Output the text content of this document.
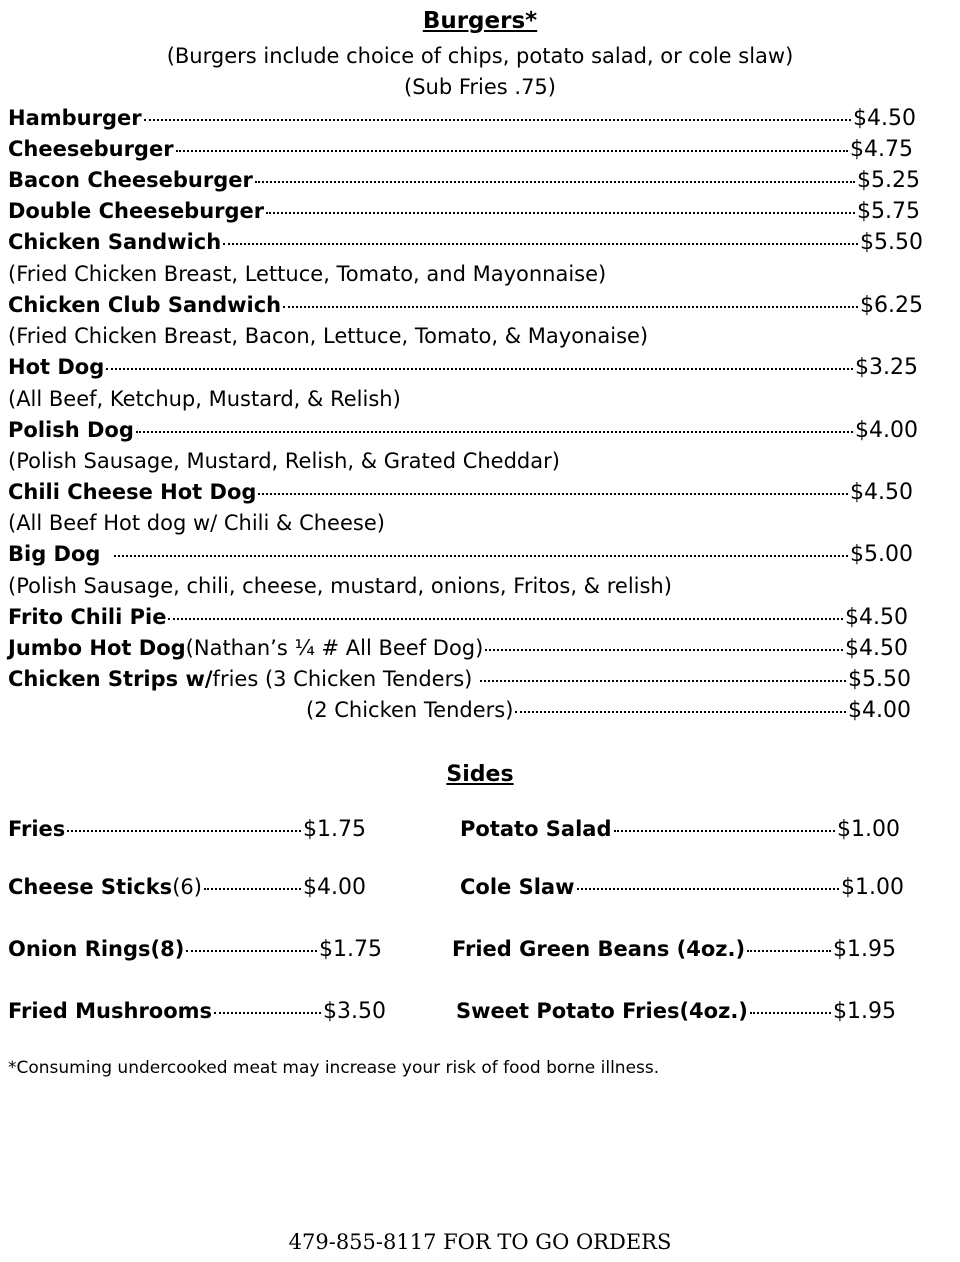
Burgers*
(Burgers include choice of chips, potato salad, or cole slaw)
(Sub Fries .75)
Hamburger	$4.50
Cheeseburger	$4.75
Bacon Cheeseburger	$5.25
Double Cheeseburger	$5.75
Chicken Sandwich	$5.50
(Fried Chicken Breast, Lettuce, Tomato, and Mayonnaise)
Chicken Club Sandwich	$6.25
(Fried Chicken Breast, Bacon, Lettuce, Tomato, & Mayonaise)
Hot Dog	$3.25
(All Beef, Ketchup, Mustard, & Relish)
Polish Dog	$4.00
(Polish Sausage, Mustard, Relish, & Grated Cheddar)
Chili Cheese Hot Dog	$4.50
(All Beef Hot dog w/ Chili & Cheese)
Big Dog	$5.00
(Polish Sausage, chili, cheese, mustard, onions, Fritos, & relish)
Frito Chili Pie	$4.50
Jumbo Hot Dog (Nathan’s ¼ # All Beef Dog)	$4.50
Chicken Strips w/ fries (3 Chicken Tenders)	$5.50
(2 Chicken Tenders)	$4.00
Sides
Fries	$1.75	Potato Salad	$1.00
Cheese Sticks (6)	$4.00	Cole Slaw	$1.00
Onion Rings(8)	$1.75	Fried Green Beans (4oz.)	$1.95
Fried Mushrooms	$3.50	Sweet Potato Fries(4oz.)	$1.95
*Consuming undercooked meat may increase your risk of food borne illness.
479-855-8117 FOR TO GO ORDERS
